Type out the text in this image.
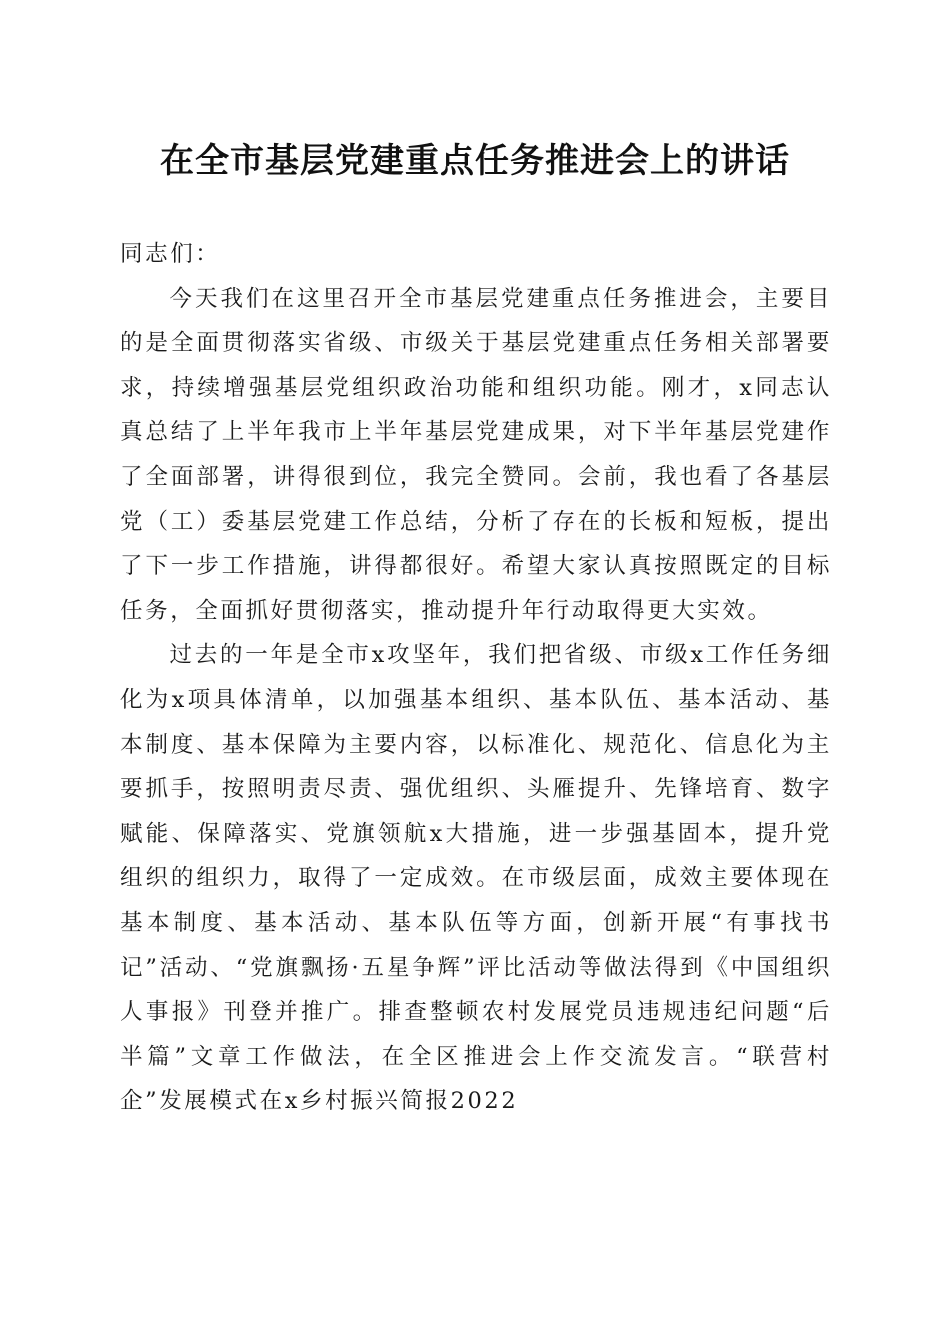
在全市基层党建重点任务推进会上的讲话

同志们：

今天我们在这里召开全市基层党建重点任务推进会，主要目的是全面贯彻落实省级、市级关于基层党建重点任务相关部署要求，持续增强基层党组织政治功能和组织功能。刚才，x同志认真总结了上半年我市上半年基层党建成果，对下半年基层党建作了全面部署，讲得很到位，我完全赞同。会前，我也看了各基层党（工）委基层党建工作总结，分析了存在的长板和短板，提出了下一步工作措施，讲得都很好。希望大家认真按照既定的目标任务，全面抓好贯彻落实，推动提升年行动取得更大实效。

过去的一年是全市x攻坚年，我们把省级、市级x工作任务细化为x项具体清单，以加强基本组织、基本队伍、基本活动、基本制度、基本保障为主要内容，以标准化、规范化、信息化为主要抓手，按照明责尽责、强优组织、头雁提升、先锋培育、数字赋能、保障落实、党旗领航x大措施，进一步强基固本，提升党组织的组织力，取得了一定成效。在市级层面，成效主要体现在基本制度、基本活动、基本队伍等方面，创新开展“有事找书记”活动、“党旗飘扬·五星争辉”评比活动等做法得到《中国组织人事报》刊登并推广。排查整顿农村发展党员违规违纪问题“后半篇”文章工作做法，在全区推进会上作交流发言。“联营村企”发展模式在x乡村振兴简报2022
